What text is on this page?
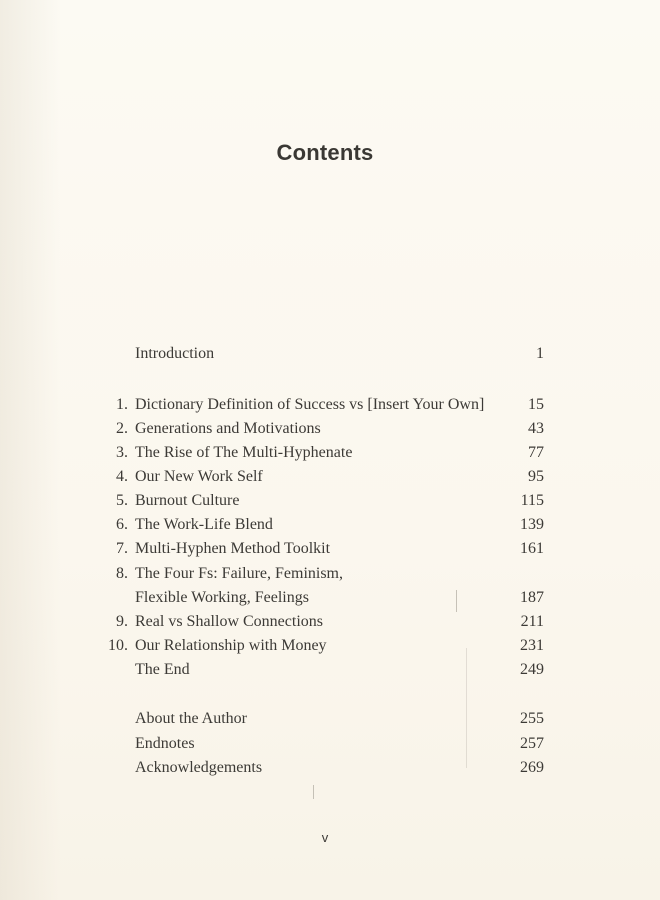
Contents
Introduction	1
1. Dictionary Definition of Success vs [Insert Your Own]	15
2. Generations and Motivations	43
3. The Rise of The Multi-Hyphenate	77
4. Our New Work Self	95
5. Burnout Culture	115
6. The Work-Life Blend	139
7. Multi-Hyphen Method Toolkit	161
8. The Four Fs: Failure, Feminism,
Flexible Working, Feelings	187
9. Real vs Shallow Connections	211
10. Our Relationship with Money	231
The End	249
About the Author	255
Endnotes	257
Acknowledgements	269
v
